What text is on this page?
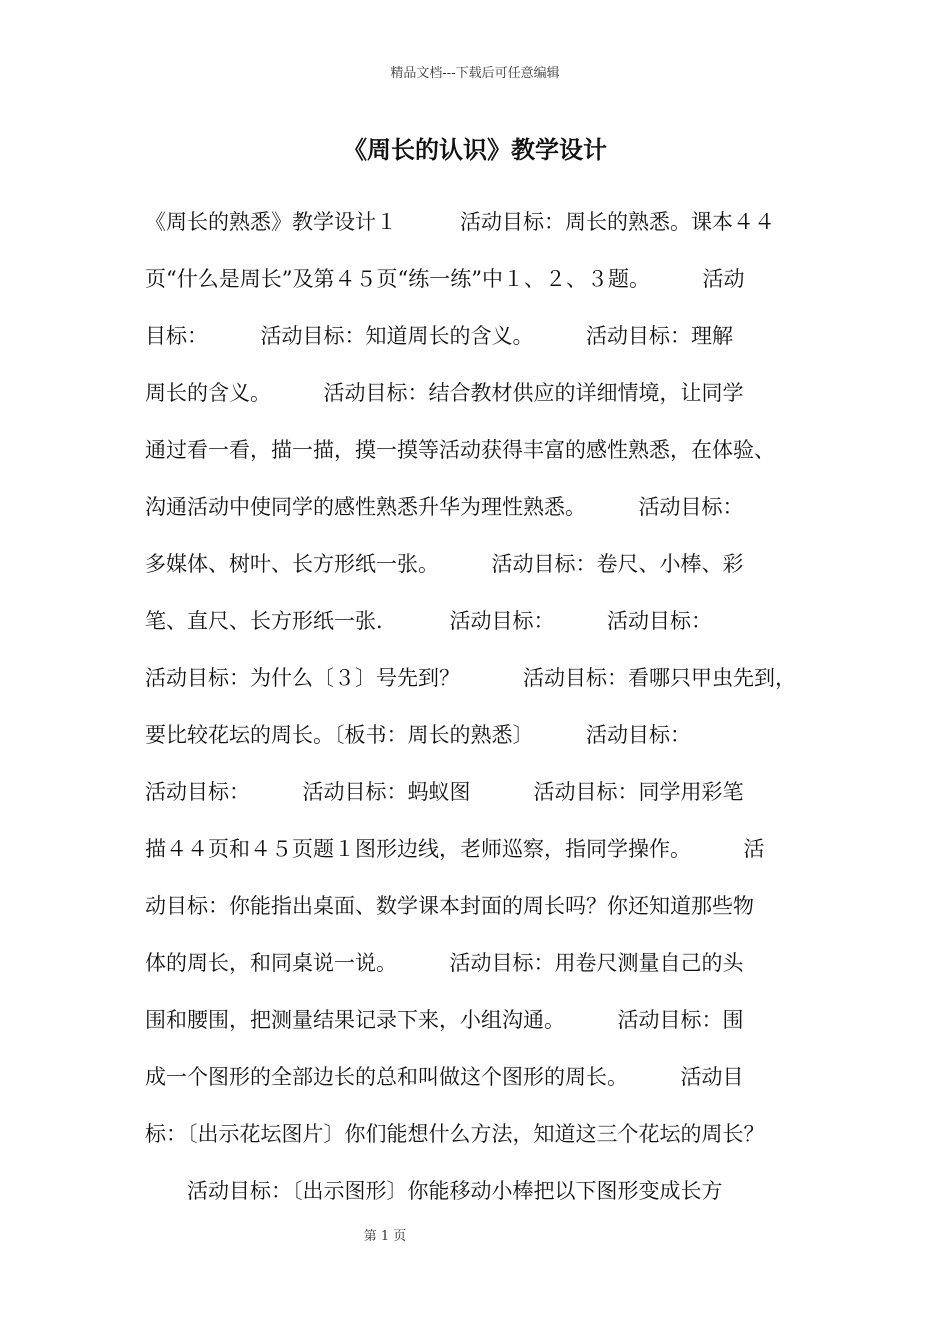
精品文档---下载后可任意编辑
《周长的认识》教学设计
《周长的熟悉》教学设计１　　　活动目标：周长的熟悉。课本４４
页“什么是周长”及第４５页“练一练”中１、２、３题。　　　活动
目标：　　　活动目标：知道周长的含义。　　　活动目标：理解
周长的含义。　　　活动目标：结合教材供应的详细情境，让同学
通过看一看，描一描，摸一摸等活动获得丰富的感性熟悉，在体验、
沟通活动中使同学的感性熟悉升华为理性熟悉。　　　活动目标：
多媒体、树叶、长方形纸一张。　　　活动目标：卷尺、小棒、彩
笔、直尺、长方形纸一张．　　　活动目标：　　　活动目标：
活动目标：为什么〔３〕号先到？　　　活动目标：看哪只甲虫先到，
要比较花坛的周长。〔板书：周长的熟悉〕　　　活动目标：
活动目标：　　　活动目标：蚂蚁图　　　活动目标：同学用彩笔
描４４页和４５页题１图形边线，老师巡察，指同学操作。　　　活
动目标：你能指出桌面、数学课本封面的周长吗？你还知道那些物
体的周长，和同桌说一说。　　　活动目标：用卷尺测量自己的头
围和腰围，把测量结果记录下来，小组沟通。　　　活动目标：围
成一个图形的全部边长的总和叫做这个图形的周长。　　　活动目
标：〔出示花坛图片〕你们能想什么方法，知道这三个花坛的周长？
　　活动目标：〔出示图形〕你能移动小棒把以下图形变成长方
第 1 页
